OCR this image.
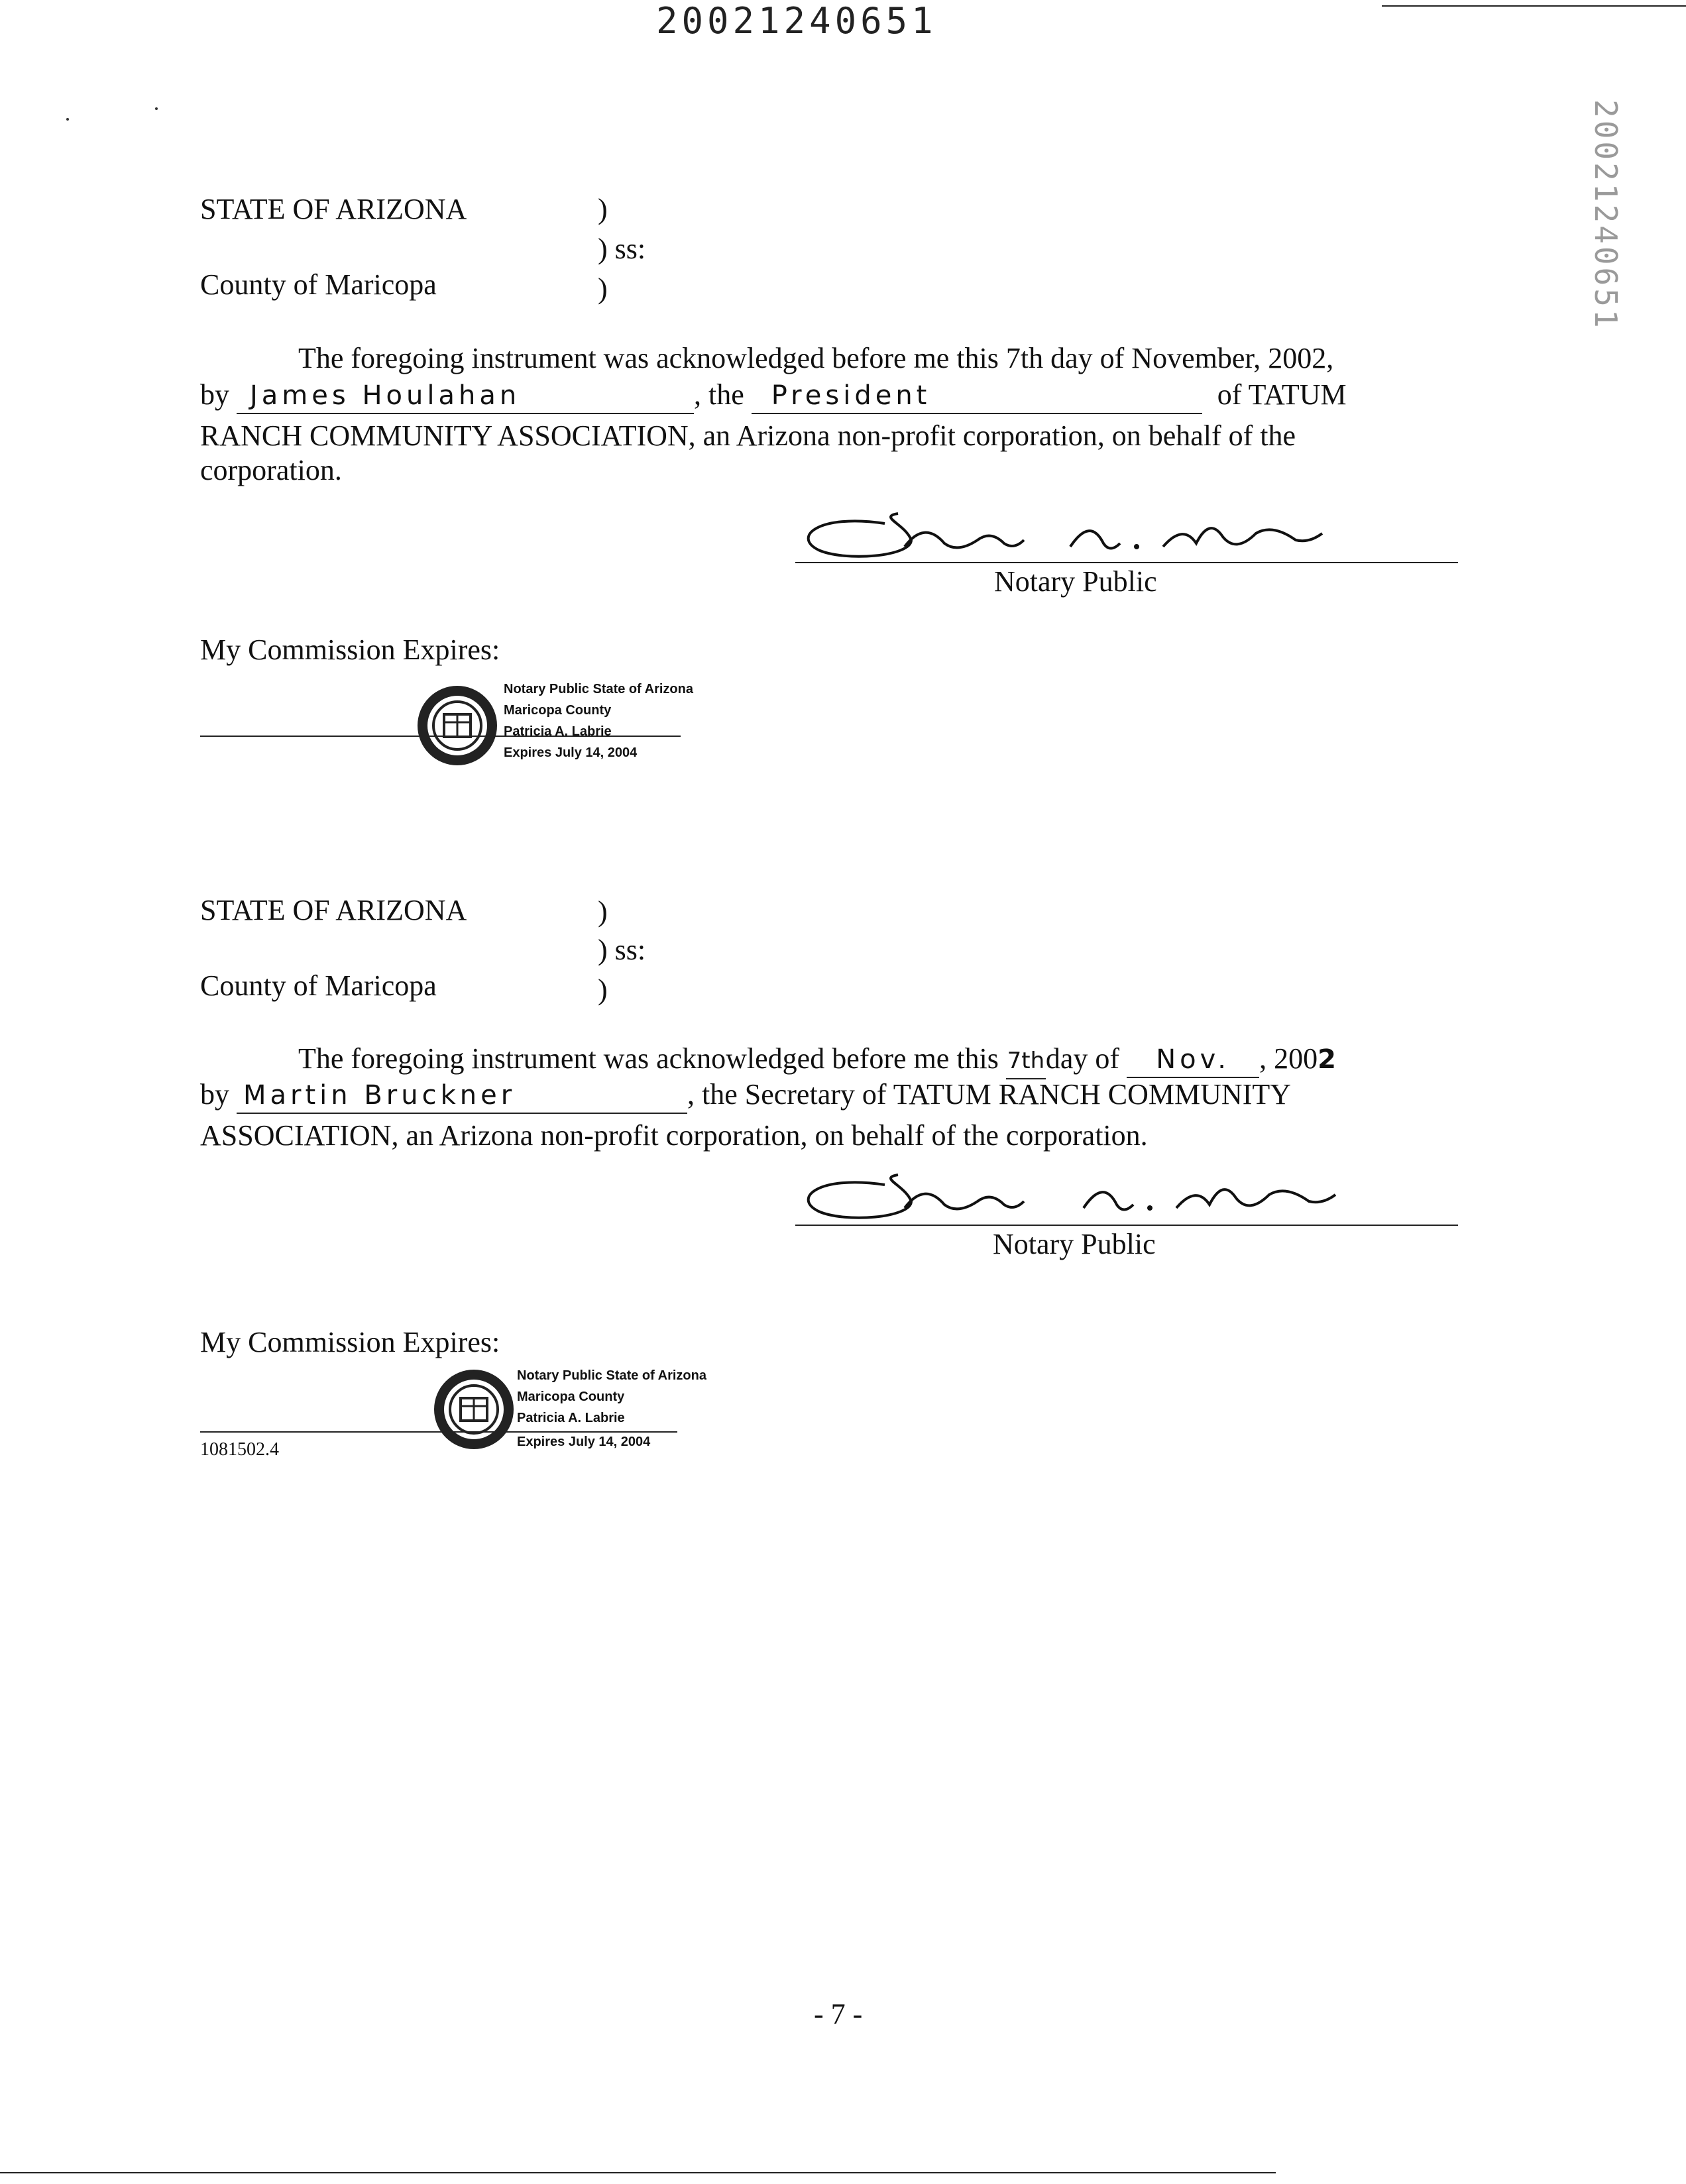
20021240651
20021240651
STATE OF ARIZONA	)
) ss:
County of Maricopa	)
The foregoing instrument was acknowledged before me this 7th day of November, 2002,
by James Houlahan	, the President	of TATUM
RANCH COMMUNITY ASSOCIATION, an Arizona non-profit corporation, on behalf of the
corporation.
Notary Public
My Commission Expires:
Notary Public State of Arizona
Maricopa County
Patricia A. Labrie
Expires July 14, 2004
STATE OF ARIZONA	)
) ss:
County of Maricopa	)
The foregoing instrument was acknowledged before me this 7thday of Nov. , 2002
by Martin Bruckner	, the Secretary of TATUM RANCH COMMUNITY
ASSOCIATION, an Arizona non-profit corporation, on behalf of the corporation.
Notary Public
My Commission Expires:
Notary Public State of Arizona
Maricopa County
Patricia A. Labrie
Expires July 14, 2004
1081502.4
- 7 -
